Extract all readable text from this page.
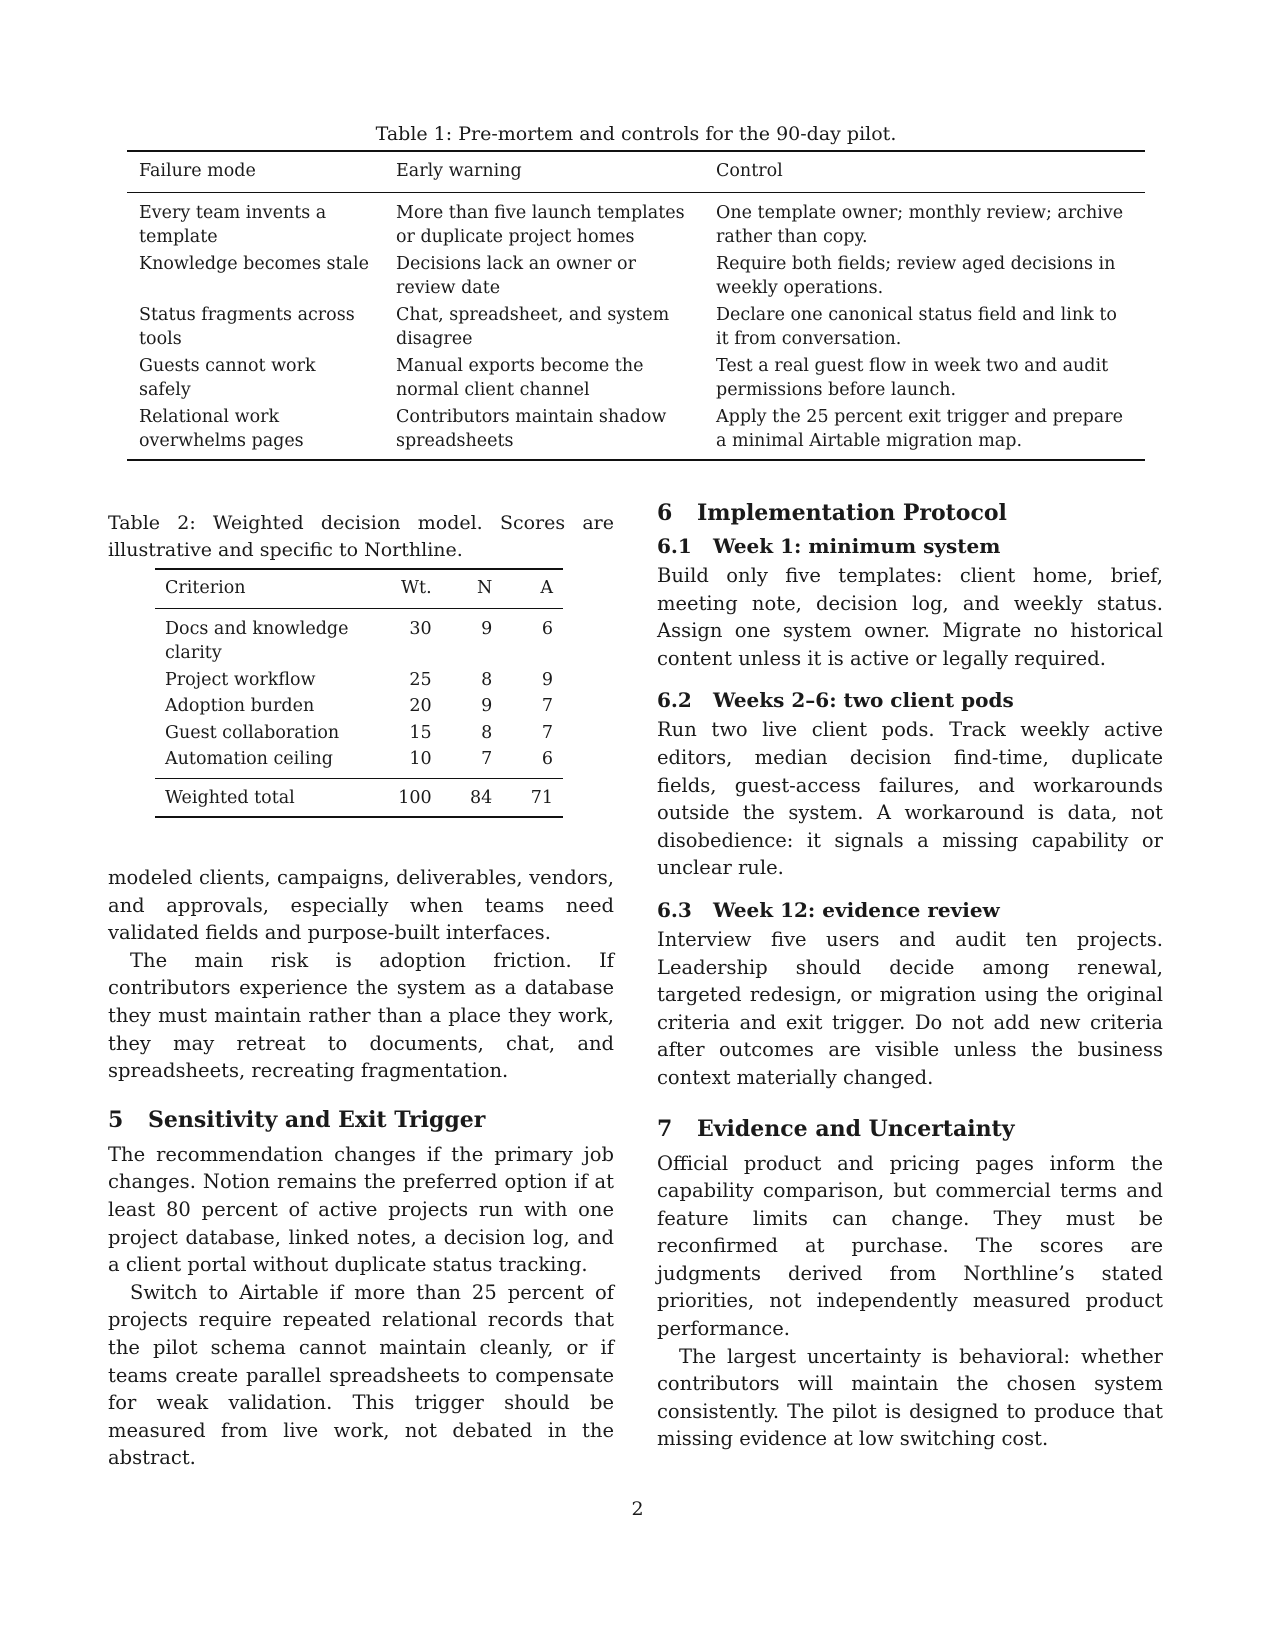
Table 1: Pre-mortem and controls for the 90-day pilot.
Failure mode	Early warning	Control
Every team invents a template	More than five launch templates or duplicate project homes	One template owner; monthly review; archive rather than copy.
Knowledge becomes stale	Decisions lack an owner or review date	Require both fields; review aged decisions in weekly operations.
Status fragments across tools	Chat, spreadsheet, and system disagree	Declare one canonical status field and link to it from conversation.
Guests cannot work safely	Manual exports become the normal client channel	Test a real guest flow in week two and audit permissions before launch.
Relational work overwhelms pages	Contributors maintain shadow spreadsheets	Apply the 25 percent exit trigger and prepare a minimal Airtable migration map.
Table 2: Weighted decision model. Scores are illustrative and specific to Northline.
Criterion	Wt.	N	A
Docs and knowledge clarity	30	9	6
Project workflow	25	8	9
Adoption burden	20	9	7
Guest collaboration	15	8	7
Automation ceiling	10	7	6
Weighted total	100	84	71

modeled clients, campaigns, deliverables, vendors, and approvals, especially when teams need validated fields and purpose-built interfaces.

The main risk is adoption friction. If contributors experience the system as a database they must maintain rather than a place they work, they may retreat to documents, chat, and spreadsheets, recreating fragmentation.

5 Sensitivity and Exit Trigger

The recommendation changes if the primary job changes. Notion remains the preferred option if at least 80 percent of active projects run with one project database, linked notes, a decision log, and a client portal without duplicate status tracking.

Switch to Airtable if more than 25 percent of projects require repeated relational records that the pilot schema cannot maintain cleanly, or if teams create parallel spreadsheets to compensate for weak validation. This trigger should be measured from live work, not debated in the abstract.

6 Implementation Protocol
6.1 Week 1: minimum system

Build only five templates: client home, brief, meeting note, decision log, and weekly status. Assign one system owner. Migrate no historical content unless it is active or legally required.

6.2 Weeks 2–6: two client pods

Run two live client pods. Track weekly active editors, median decision find-time, duplicate fields, guest-access failures, and workarounds outside the system. A workaround is data, not disobedience: it signals a missing capability or unclear rule.

6.3 Week 12: evidence review

Interview five users and audit ten projects. Leadership should decide among renewal, targeted redesign, or migration using the original criteria and exit trigger. Do not add new criteria after outcomes are visible unless the business context materially changed.

7 Evidence and Uncertainty

Official product and pricing pages inform the capability comparison, but commercial terms and feature limits can change. They must be reconfirmed at purchase. The scores are judgments derived from Northline’s stated priorities, not independently measured product performance.

The largest uncertainty is behavioral: whether contributors will maintain the chosen system consistently. The pilot is designed to produce that missing evidence at low switching cost.

2
